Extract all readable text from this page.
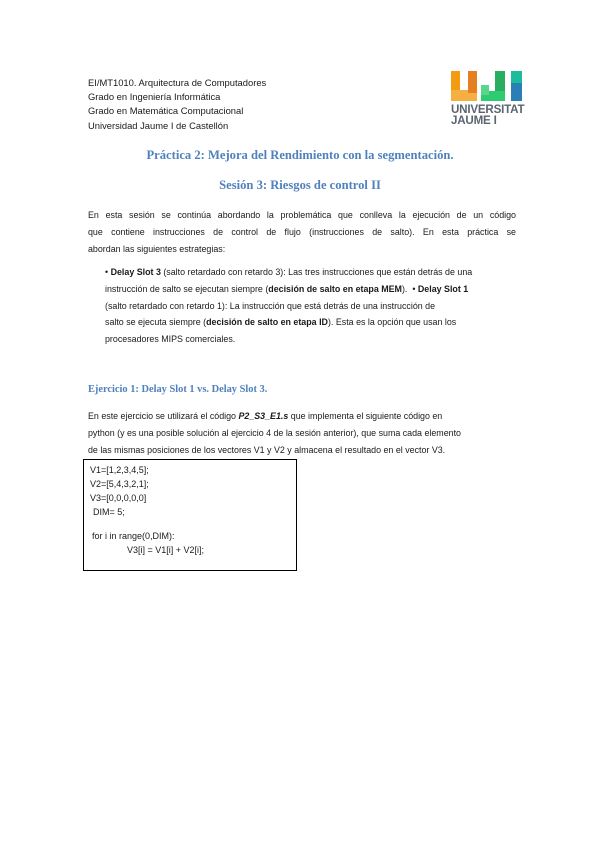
EI/MT1010. Arquitectura de Computadores
Grado en Ingeniería Informática
Grado en Matemática Computacional
Universidad Jaume I de Castellón
UNIVERSITAT
JAUME I
Práctica 2: Mejora del Rendimiento con la segmentación.
Sesión 3: Riesgos de control II
En esta sesión se continúa abordando la problemática que conlleva la ejecución de un código
que contiene instrucciones de control de flujo (instrucciones de salto). En esta práctica se
abordan las siguientes estrategias:
• Delay Slot 3 (salto retardado con retardo 3): Las tres instrucciones que están detrás de una
instrucción de salto se ejecutan siempre (decisión de salto en etapa MEM). • Delay Slot 1
(salto retardado con retardo 1): La instrucción que está detrás de una instrucción de
salto se ejecuta siempre (decisión de salto en etapa ID). Esta es la opción que usan los
procesadores MIPS comerciales.
Ejercicio 1: Delay Slot 1 vs. Delay Slot 3.
En este ejercicio se utilizará el código P2_S3_E1.s que implementa el siguiente código en
python (y es una posible solución al ejercicio 4 de la sesión anterior), que suma cada elemento
de las mismas posiciones de los vectores V1 y V2 y almacena el resultado en el vector V3.
V1=[1,2,3,4,5];
V2=[5,4,3,2,1];
V3=[0,0,0,0,0]
DIM= 5;
for i in range(0,DIM):
V3[i] = V1[i] + V2[i];
